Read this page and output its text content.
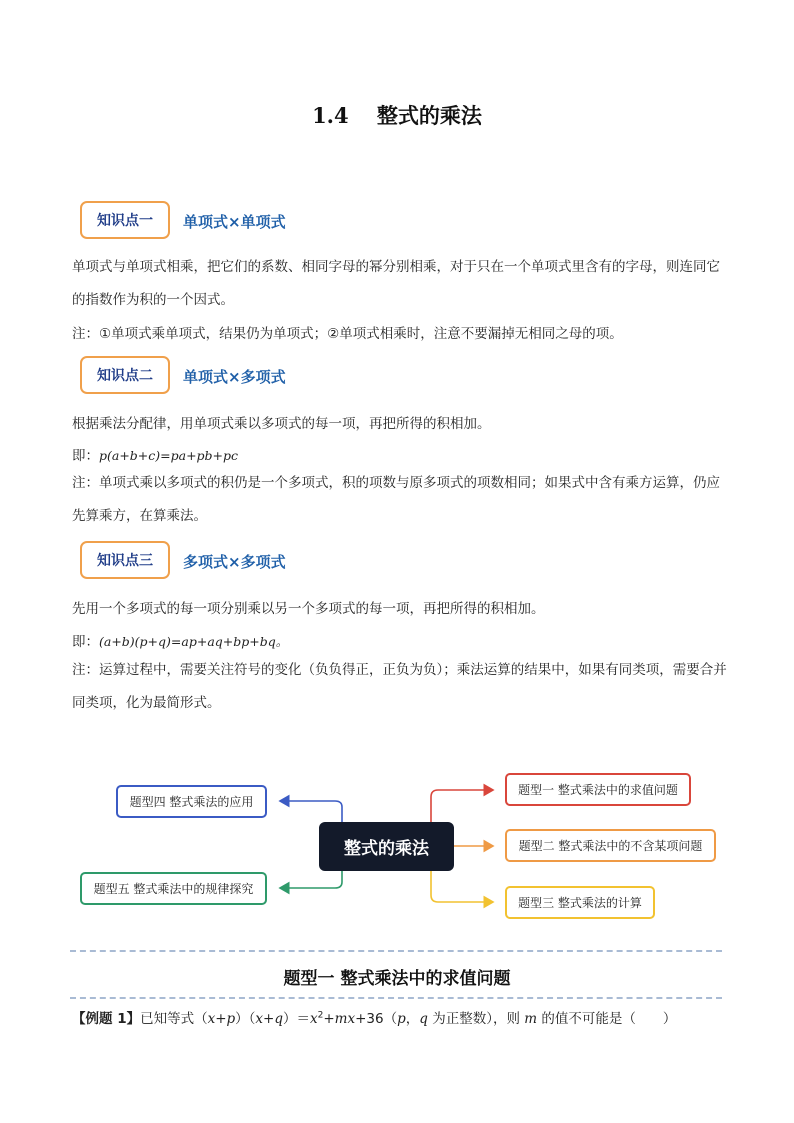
1.4　 整式的乘法
知识点一	单项式×单项式
单项式与单项式相乘，把它们的系数、相同字母的幂分别相乘，对于只在一个单项式里含有的字母，则连同它的指数作为积的一个因式。
注：①单项式乘单项式，结果仍为单项式；②单项式相乘时，注意不要漏掉无相同之母的项。
知识点二	单项式×多项式
根据乘法分配律，用单项式乘以多项式的每一项，再把所得的积相加。
即：p(a+b+c)=pa+pb+pc
注：单项式乘以多项式的积仍是一个多项式，积的项数与原多项式的项数相同；如果式中含有乘方运算，仍应先算乘方，在算乘法。
知识点三	多项式×多项式
先用一个多项式的每一项分别乘以另一个多项式的每一项，再把所得的积相加。
即：(a+b)(p+q)=ap+aq+bp+bq。
注：运算过程中，需要关注符号的变化（负负得正，正负为负）；乘法运算的结果中，如果有同类项，需要合并同类项，化为最简形式。
整式的乘法
题型一 整式乘法中的求值问题
题型二 整式乘法中的不含某项问题
题型三 整式乘法的计算
题型四 整式乘法的应用
题型五 整式乘法中的规律探究
题型一 整式乘法中的求值问题
【例题 1】已知等式$(x+p)(x+q)=x^2+mx+36(p$，q 为正整数），则 m 的值不可能是（　　）
